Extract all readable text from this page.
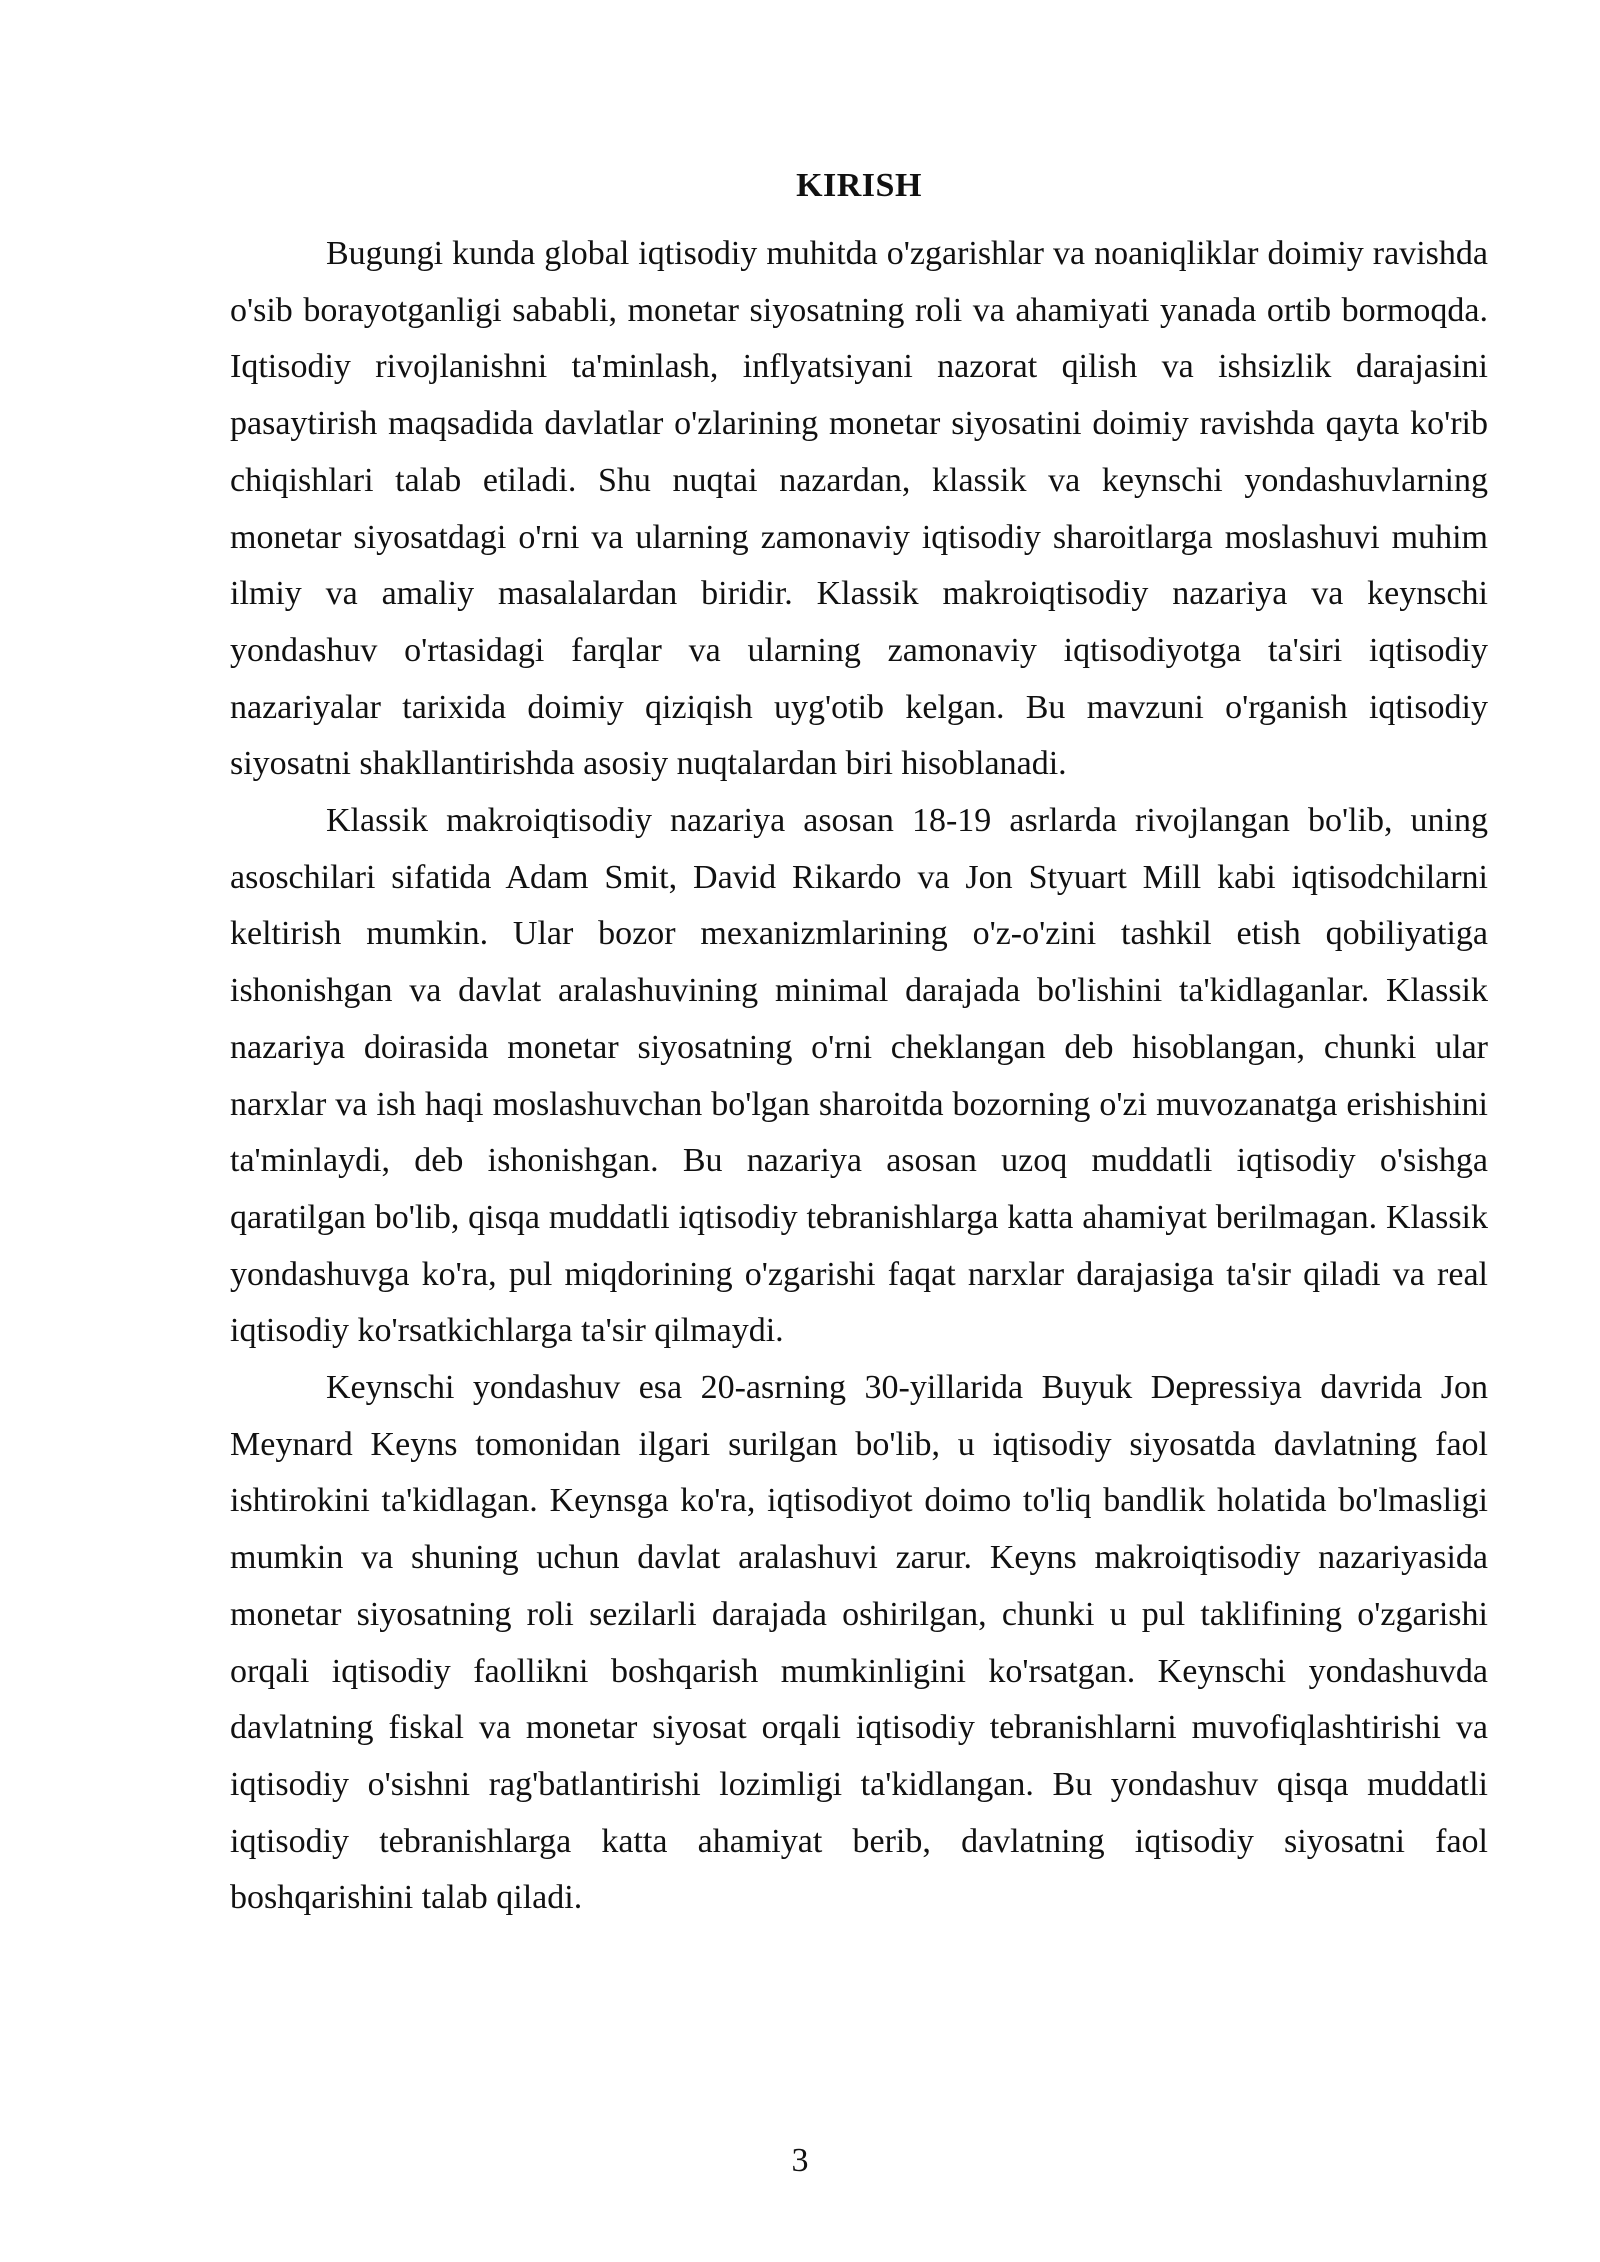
KIRISH

Bugungi kunda global iqtisodiy muhitda o'zgarishlar va noaniqliklar doimiy ravishda o'sib borayotganligi sababli, monetar siyosatning roli va ahamiyati yanada ortib bormoqda. Iqtisodiy rivojlanishni ta'minlash, inflyatsiyani nazorat qilish va ishsizlik darajasini pasaytirish maqsadida davlatlar o'zlarining monetar siyosatini doimiy ravishda qayta ko'rib chiqishlari talab etiladi. Shu nuqtai nazardan, klassik va keynschi yondashuvlarning monetar siyosatdagi o'rni va ularning zamonaviy iqtisodiy sharoitlarga moslashuvi muhim ilmiy va amaliy masalalardan biridir. Klassik makroiqtisodiy nazariya va keynschi yondashuv o'rtasidagi farqlar va ularning zamonaviy iqtisodiyotga ta'siri iqtisodiy nazariyalar tarixida doimiy qiziqish uyg'otib kelgan. Bu mavzuni o'rganish iqtisodiy siyosatni shakllantirishda asosiy nuqtalardan biri hisoblanadi.

Klassik makroiqtisodiy nazariya asosan 18-19 asrlarda rivojlangan bo'lib, uning asoschilari sifatida Adam Smit, David Rikardo va Jon Styuart Mill kabi iqtisodchilarni keltirish mumkin. Ular bozor mexanizmlarining o'z-o'zini tashkil etish qobiliyatiga ishonishgan va davlat aralashuvining minimal darajada bo'lishini ta'kidlaganlar. Klassik nazariya doirasida monetar siyosatning o'rni cheklangan deb hisoblangan, chunki ular narxlar va ish haqi moslashuvchan bo'lgan sharoitda bozorning o'zi muvozanatga erishishini ta'minlaydi, deb ishonishgan. Bu nazariya asosan uzoq muddatli iqtisodiy o'sishga qaratilgan bo'lib, qisqa muddatli iqtisodiy tebranishlarga katta ahamiyat berilmagan. Klassik yondashuvga ko'ra, pul miqdorining o'zgarishi faqat narxlar darajasiga ta'sir qiladi va real iqtisodiy ko'rsatkichlarga ta'sir qilmaydi.

Keynschi yondashuv esa 20-asrning 30-yillarida Buyuk Depressiya davrida Jon Meynard Keyns tomonidan ilgari surilgan bo'lib, u iqtisodiy siyosatda davlatning faol ishtirokini ta'kidlagan. Keynsga ko'ra, iqtisodiyot doimo to'liq bandlik holatida bo'lmasligi mumkin va shuning uchun davlat aralashuvi zarur. Keyns makroiqtisodiy nazariyasida monetar siyosatning roli sezilarli darajada oshirilgan, chunki u pul taklifining o'zgarishi orqali iqtisodiy faollikni boshqarish mumkinligini ko'rsatgan. Keynschi yondashuvda davlatning fiskal va monetar siyosat orqali iqtisodiy tebranishlarni muvofiqlashtirishi va iqtisodiy o'sishni rag'batlantirishi lozimligi ta'kidlangan. Bu yondashuv qisqa muddatli iqtisodiy tebranishlarga katta ahamiyat berib, davlatning iqtisodiy siyosatni faol boshqarishini talab qiladi.

3
